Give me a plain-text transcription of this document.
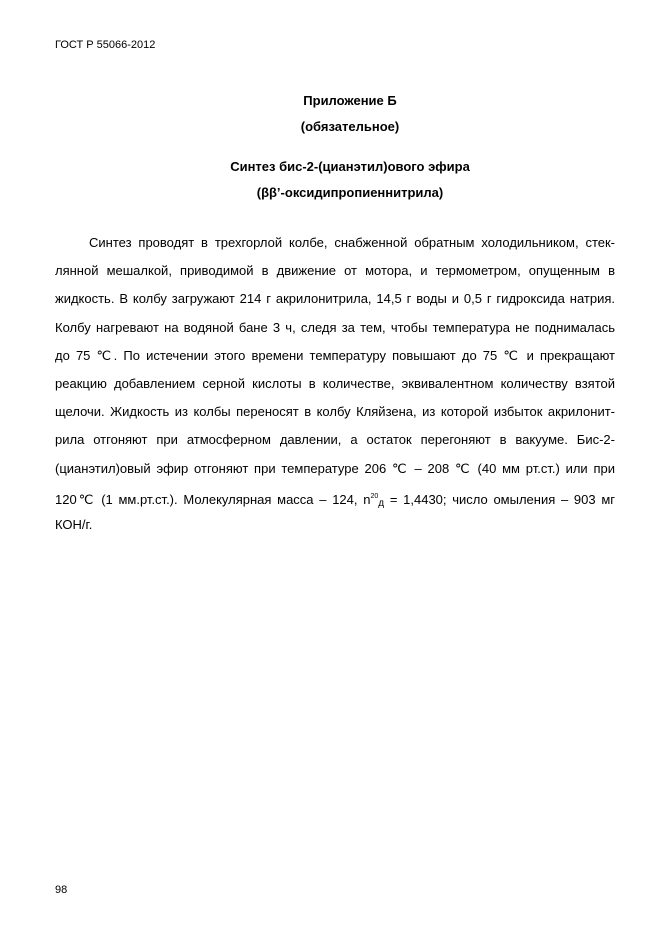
ГОСТ Р 55066-2012
Приложение Б
(обязательное)
Синтез бис-2-(цианэтил)ового эфира
(ββ’-оксидипропиеннитрила)
Синтез проводят в трехгорлой колбе, снабженной обратным холодильником, стек-
лянной мешалкой, приводимой в движение от мотора, и термометром, опущенным в
жидкость. В колбу загружают 214 г акрилонитрила, 14,5 г воды и 0,5 г гидроксида натрия.
Колбу нагревают на водяной бане 3 ч, следя за тем, чтобы температура не поднималась
до 75 ℃. По истечении этого времени температуру повышают до 75 ℃ и прекращают
реакцию добавлением серной кислоты в количестве, эквивалентном количеству взятой
щелочи. Жидкость из колбы переносят в колбу Кляйзена, из которой избыток акрилонит-
рила отгоняют при атмосферном давлении, а остаток перегоняют в вакууме. Бис-2-
(цианэтил)овый эфир отгоняют при температуре 206 ℃ – 208 ℃ (40 мм рт.ст.) или при
120℃ (1 мм.рт.ст.). Молекулярная масса – 124, $n^{20}_д = 1,4430$; число омыления – 903 мг
КОН/г.
98
